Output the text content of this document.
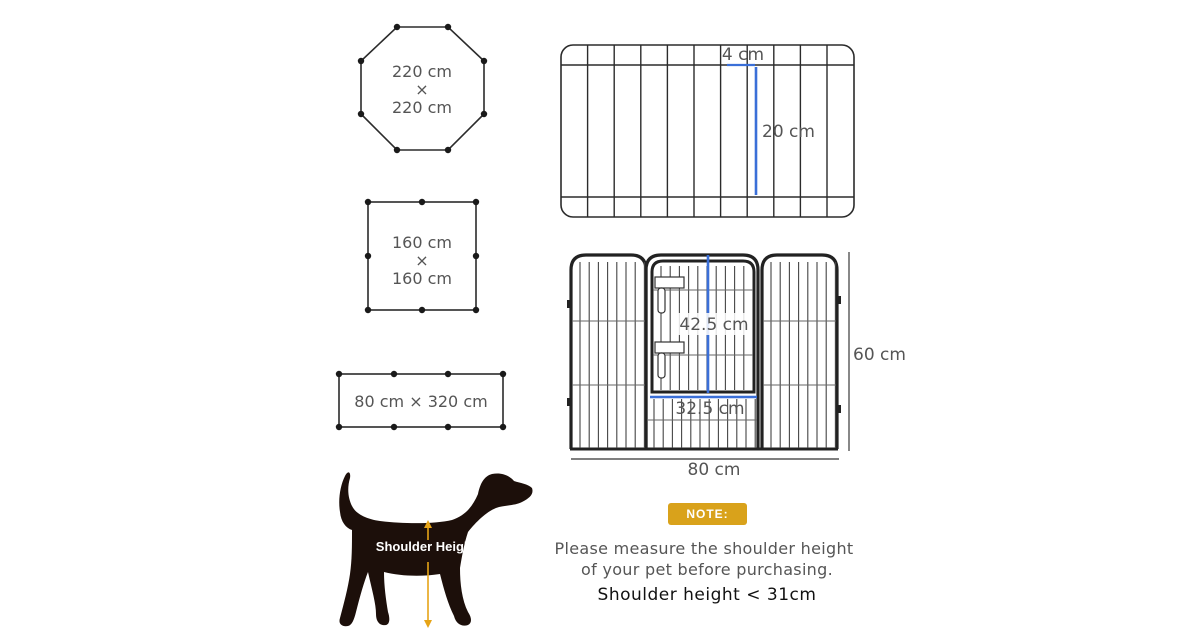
220 cm
×
220 cm
160 cm
×
160 cm
80 cm × 320 cm
4 cm
20 cm
42.5 cm
32.5 cm
80 cm
60 cm
NOTE:
Please measure the shoulder height
of your pet before purchasing.
Shoulder height < 31cm
Shoulder Height
